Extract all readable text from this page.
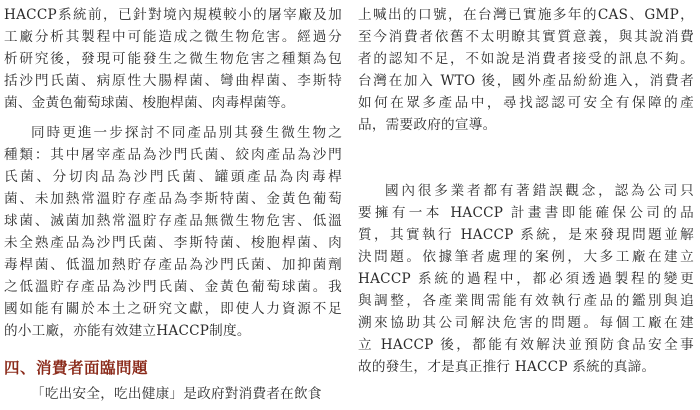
HACCP系統前，已針對境內規模較小的屠宰廠及加
工廠分析其製程中可能造成之微生物危害。經過分
析研究後，發現可能發生之微生物危害之種類為包
括沙門氏菌、病原性大腸桿菌、彎曲桿菌、李斯特
菌、金黃色葡萄球菌、梭胞桿菌、肉毒桿菌等。
同時更進一步探討不同產品別其發生微生物之
種類：其中屠宰產品為沙門氏菌、絞肉產品為沙門
氏菌、分切肉品為沙門氏菌、罐頭產品為肉毒桿
菌、未加熱常溫貯存產品為李斯特菌、金黃色葡萄
球菌、滅菌加熱常溫貯存產品無微生物危害、低溫
未全熟產品為沙門氏菌、李斯特菌、梭胞桿菌、肉
毒桿菌、低溫加熱貯存產品為沙門氏菌、加抑菌劑
之低溫貯存產品為沙門氏菌、金黃色葡萄球菌。我
國如能有關於本土之研究文獻，即使人力資源不足
的小工廠，亦能有效建立HACCP制度。
四、消費者面臨問題
「吃出安全，吃出健康」是政府對消費者在飲食
上喊出的口號，在台灣已實施多年的CAS、GMP，
至今消費者依舊不太明瞭其實質意義，與其說消費
者的認知不足，不如說是消費者接受的訊息不夠。
台灣在加入 WTO 後，國外產品紛紛進入，消費者
如何在眾多產品中，尋找認認可安全有保障的產
品，需要政府的宣導。
國內很多業者都有著錯誤觀念，認為公司只
要擁有一本 HACCP 計畫書即能確保公司的品
質，其實執行 HACCP 系統，是來發現問題並解
決問題。依據筆者處理的案例，大多工廠在建立
HACCP 系統的過程中，都必須透過製程的變更
與調整，各產業間需能有效執行產品的鑑別與追
溯來協助其公司解決危害的問題。每個工廠在建
立 HACCP 後，都能有效解決並預防食品安全事
故的發生，才是真正推行 HACCP 系統的真諦。
